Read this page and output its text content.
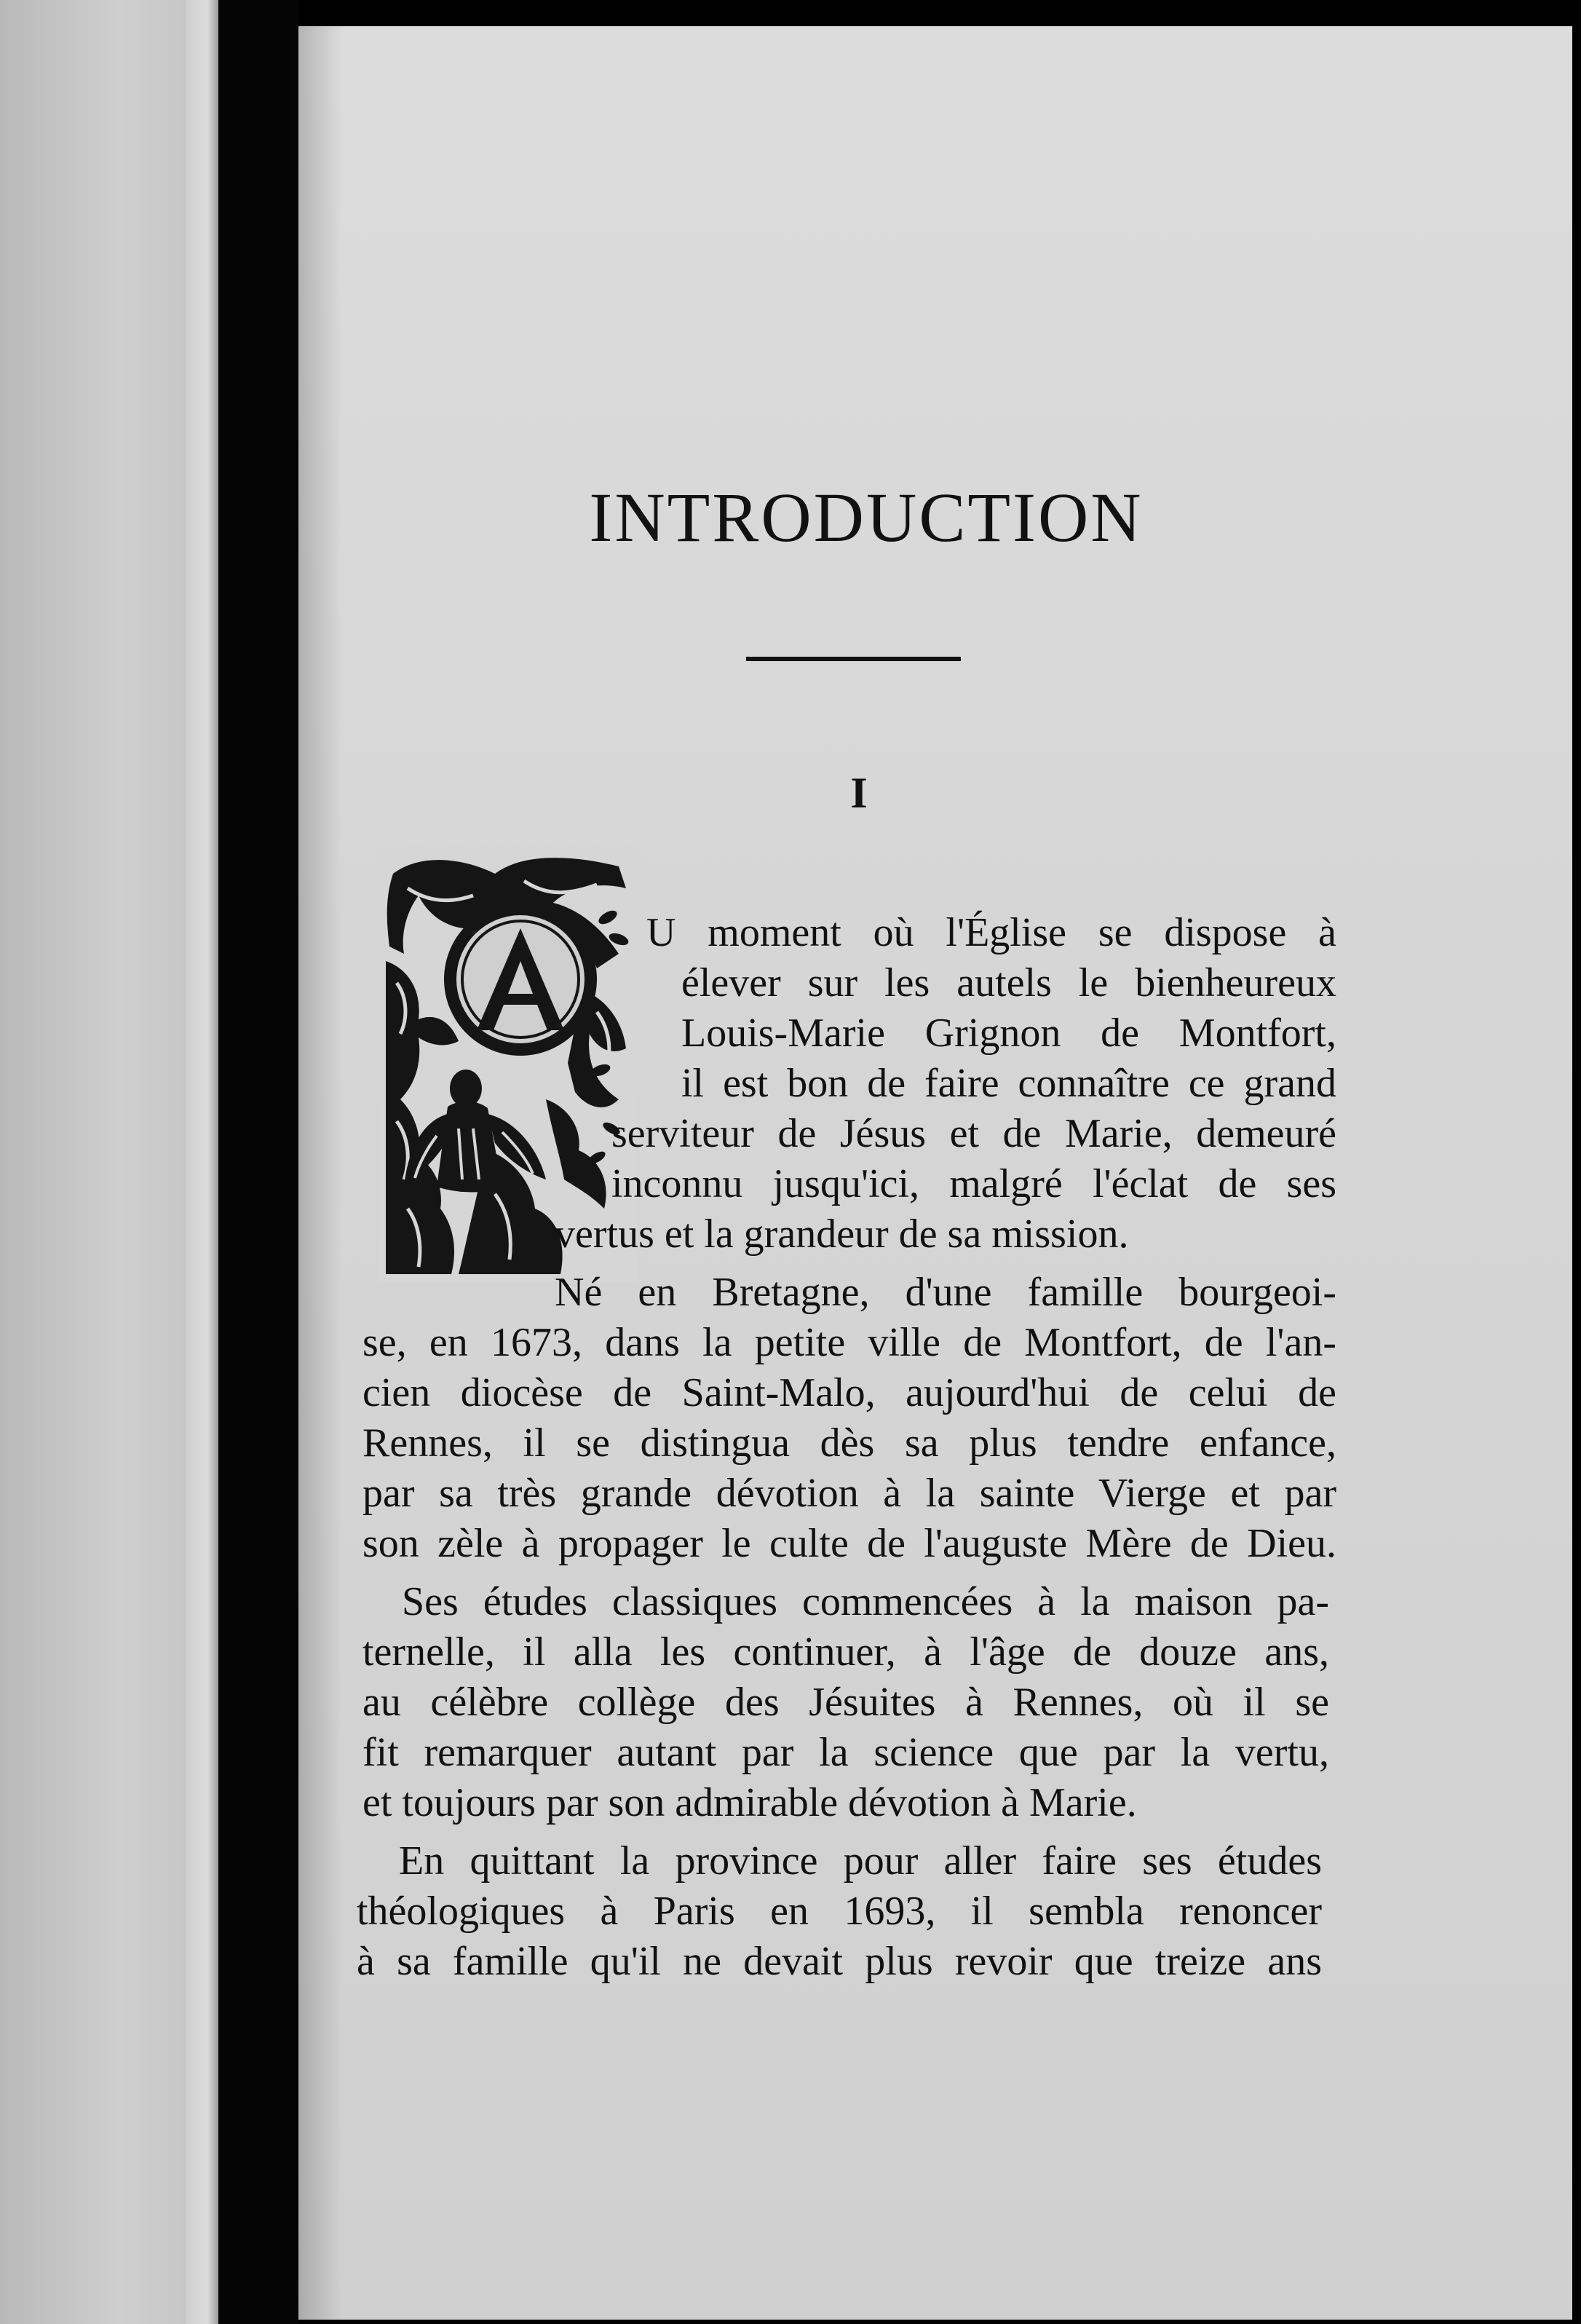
INTRODUCTION
I
U moment où l'Église se dispose à
élever sur les autels le bienheureux
Louis-Marie Grignon de Montfort,
il est bon de faire connaître ce grand
serviteur de Jésus et de Marie, demeuré
inconnu jusqu'ici, malgré l'éclat de ses
vertus et la grandeur de sa mission.
Né en Bretagne, d'une famille bourgeoi-
se, en 1673, dans la petite ville de Montfort, de l'an-
cien diocèse de Saint-Malo, aujourd'hui de celui de
Rennes, il se distingua dès sa plus tendre enfance,
par sa très grande dévotion à la sainte Vierge et par
son zèle à propager le culte de l'auguste Mère de Dieu.
Ses études classiques commencées à la maison pa-
ternelle, il alla les continuer, à l'âge de douze ans,
au célèbre collège des Jésuites à Rennes, où il se
fit remarquer autant par la science que par la vertu,
et toujours par son admirable dévotion à Marie.
En quittant la province pour aller faire ses études
théologiques à Paris en 1693, il sembla renoncer
à sa famille qu'il ne devait plus revoir que treize ans
